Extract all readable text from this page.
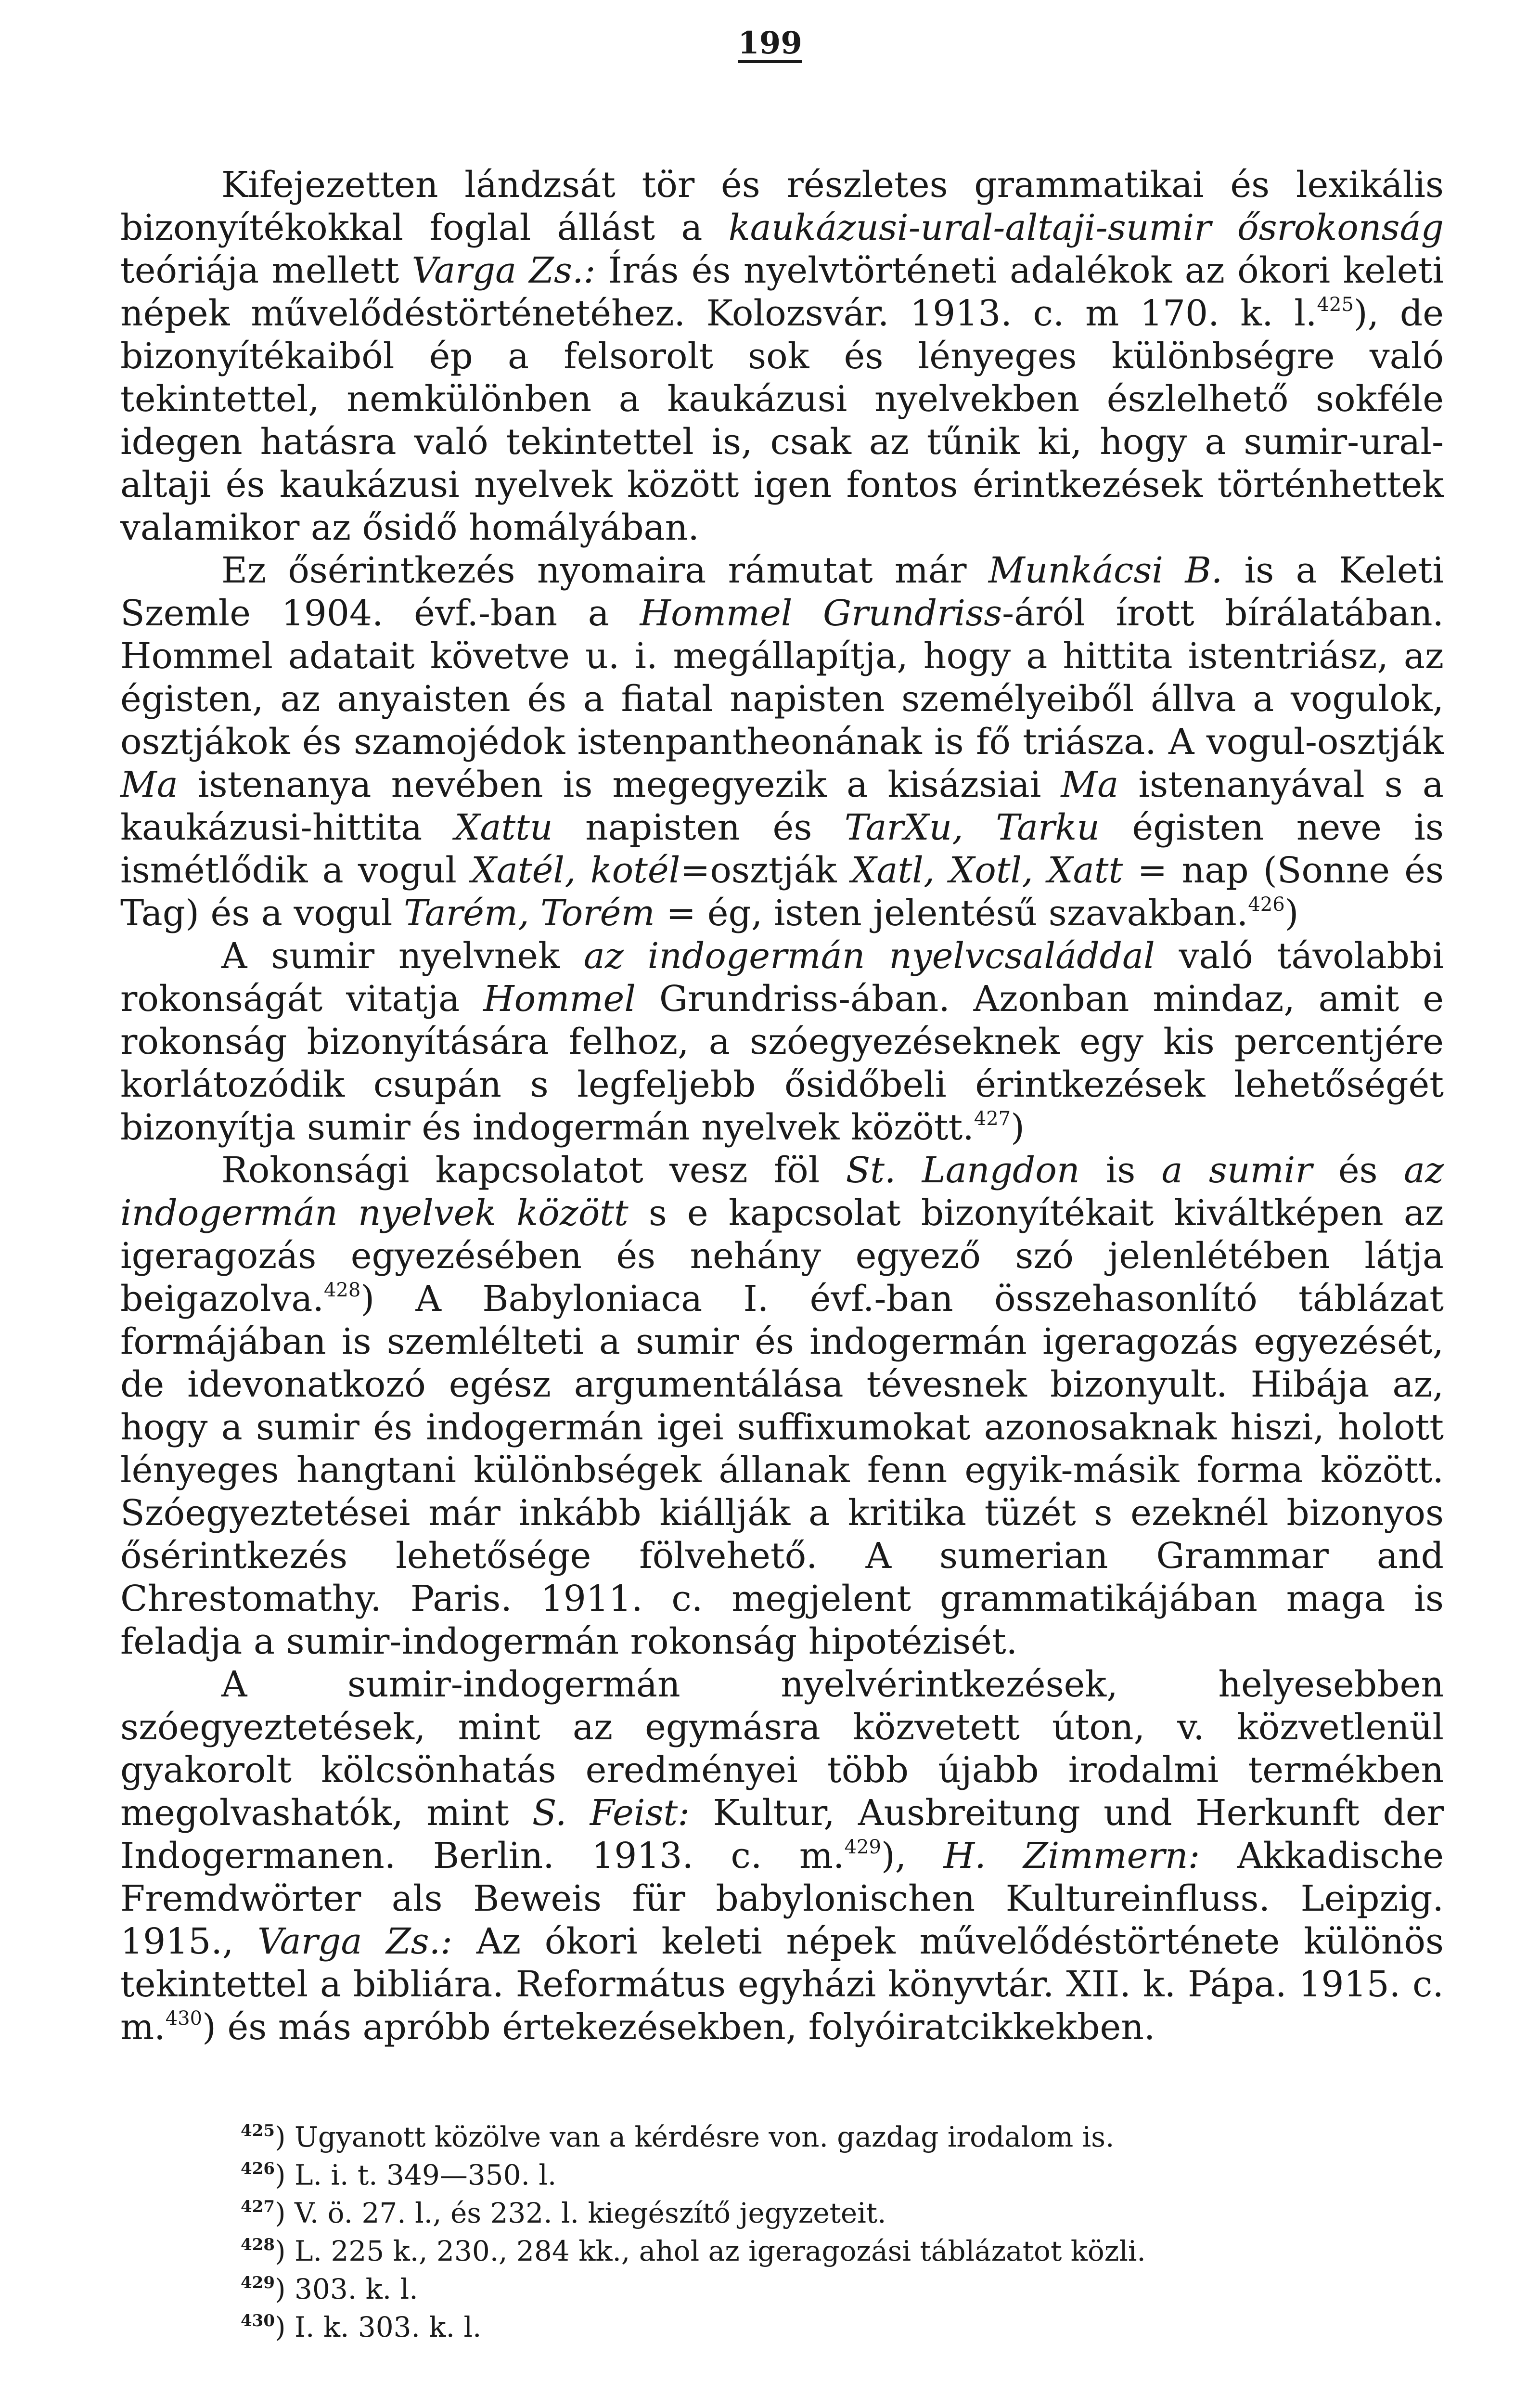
199

Kifejezetten lándzsát tör és részletes grammatikai és lexikális bizonyítékokkal foglal állást a kaukázusi-ural-altaji-sumir ősrokonság teóriája mellett Varga Zs.: Írás és nyelvtörténeti adalékok az ókori keleti népek művelődéstörténetéhez. Kolozsvár. 1913. c. m 170. k. l.$^{425}$), de bizonyítékaiból ép a felsorolt sok és lényeges különbségre való tekintettel, nemkülönben a kaukázusi nyelvekben észlelhető sokféle idegen hatásra való tekintettel is, csak az tűnik ki, hogy a sumir-ural-altaji és kaukázusi nyelvek között igen fontos érintkezések történhettek valamikor az ősidő homályában.

Ez ősérintkezés nyomaira rámutat már Munkácsi B. is a Keleti Szemle 1904. évf.-ban a Hommel Grundriss-áról írott bírálatában. Hommel adatait követve u. i. megállapítja, hogy a hittita istentriász, az égisten, az anyaisten és a fiatal napisten személyeiből állva a vogulok, osztjákok és szamojédok istenpantheonának is fő triásza. A vogul-osztják Ma istenanya nevében is megegyezik a kisázsiai Ma istenanyával s a kaukázusi-hittita Xattu napisten és TarXu, Tarku égisten neve is ismétlődik a vogul Xatél, kotél=osztják Xatl, Xotl, Xatt = nap (Sonne és Tag) és a vogul Tarém, Torém = ég, isten jelentésű szavakban.$^{426}$)

A sumir nyelvnek az indogermán nyelvcsaláddal való távolabbi rokonságát vitatja Hommel Grundriss-ában. Azonban mindaz, amit e rokonság bizonyítására felhoz, a szóegyezéseknek egy kis percentjére korlátozódik csupán s legfeljebb ősidőbeli érintkezések lehetőségét bizonyítja sumir és indogermán nyelvek között.$^{427}$)

Rokonsági kapcsolatot vesz föl St. Langdon is a sumir és az indogermán nyelvek között s e kapcsolat bizonyítékait kiváltképen az igeragozás egyezésében és nehány egyező szó jelenlétében látja beigazolva.$^{428}$) A Babyloniaca I. évf.-ban összehasonlító táblázat formájában is szemlélteti a sumir és indogermán igeragozás egyezését, de idevonatkozó egész argumentálása tévesnek bizonyult. Hibája az, hogy a sumir és indogermán igei suffixumokat azonosaknak hiszi, holott lényeges hangtani különbségek állanak fenn egyik-másik forma között. Szóegyeztetései már inkább kiállják a kritika tüzét s ezeknél bizonyos ősérintkezés lehetősége fölvehető. A sumerian Grammar and Chrestomathy. Paris. 1911. c. megjelent grammatikájában maga is feladja a sumir-indogermán rokonság hipotézisét.

A sumir-indogermán nyelvérintkezések, helyesebben szóegyeztetések, mint az egymásra közvetett úton, v. közvetlenül gyakorolt kölcsönhatás eredményei több újabb irodalmi termékben megolvashatók, mint S. Feist: Kultur, Ausbreitung und Herkunft der Indogermanen. Berlin. 1913. c. m.$^{429}$), H. Zimmern: Akkadische Fremdwörter als Beweis für babylonischen Kultureinfluss. Leipzig. 1915., Varga Zs.: Az ókori keleti népek művelődéstörténete különös tekintettel a bibliára. Református egyházi könyvtár. XII. k. Pápa. 1915. c. m.$^{430}$) és más apróbb értekezésekben, folyóiratcikkekben.

$^{425}$) Ugyanott közölve van a kérdésre von. gazdag irodalom is.
$^{426}$) L. i. t. 349—350. l.
$^{427}$) V. ö. 27. l., és 232. l. kiegészítő jegyzeteit.
$^{428}$) L. 225 k., 230., 284 kk., ahol az igeragozási táblázatot közli.
$^{429}$) 303. k. l.
$^{430}$) I. k. 303. k. l.
